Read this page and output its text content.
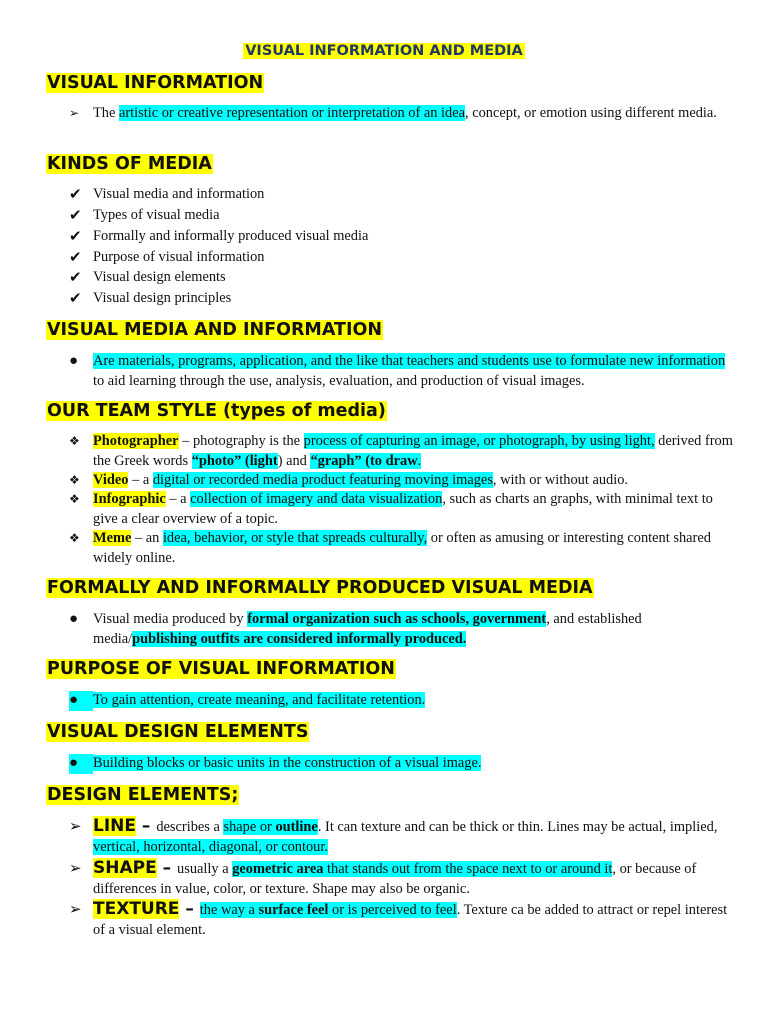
VISUAL INFORMATION AND MEDIA
VISUAL INFORMATION
➢ The artistic or creative representation or interpretation of an idea, concept, or emotion using different media.
KINDS OF MEDIA
✔ Visual media and information
✔ Types of visual media
✔ Formally and informally produced visual media
✔ Purpose of visual information
✔ Visual design elements
✔ Visual design principles
VISUAL MEDIA AND INFORMATION
●	Are materials, programs, application, and the like that teachers and students use to formulate new information to aid learning through the use, analysis, evaluation, and production of visual images.
OUR TEAM STYLE (types of media)
❖ Photographer – photography is the process of capturing an image, or photograph, by using light, derived from the Greek words “photo” (light) and “graph” (to draw.
❖ Video – a digital or recorded media product featuring moving images, with or without audio.
❖ Infographic – a collection of imagery and data visualization, such as charts an graphs, with minimal text to give a clear overview of a topic.
❖ Meme – an idea, behavior, or style that spreads culturally, or often as amusing or interesting content shared widely online.
FORMALLY AND INFORMALLY PRODUCED VISUAL MEDIA
●	Visual media produced by formal organization such as schools, government, and established media/publishing outfits are considered informally produced.
PURPOSE OF VISUAL INFORMATION
●	To gain attention, create meaning, and facilitate retention.
VISUAL DESIGN ELEMENTS
●	Building blocks or basic units in the construction of a visual image.
DESIGN ELEMENTS;
➢ LINE – describes a shape or outline. It can texture and can be thick or thin. Lines may be actual, implied, vertical, horizontal, diagonal, or contour.
➢ SHAPE – usually a geometric area that stands out from the space next to or around it, or because of differences in value, color, or texture. Shape may also be organic.
➢ TEXTURE – the way a surface feel or is perceived to feel. Texture ca be added to attract or repel interest of a visual element.
